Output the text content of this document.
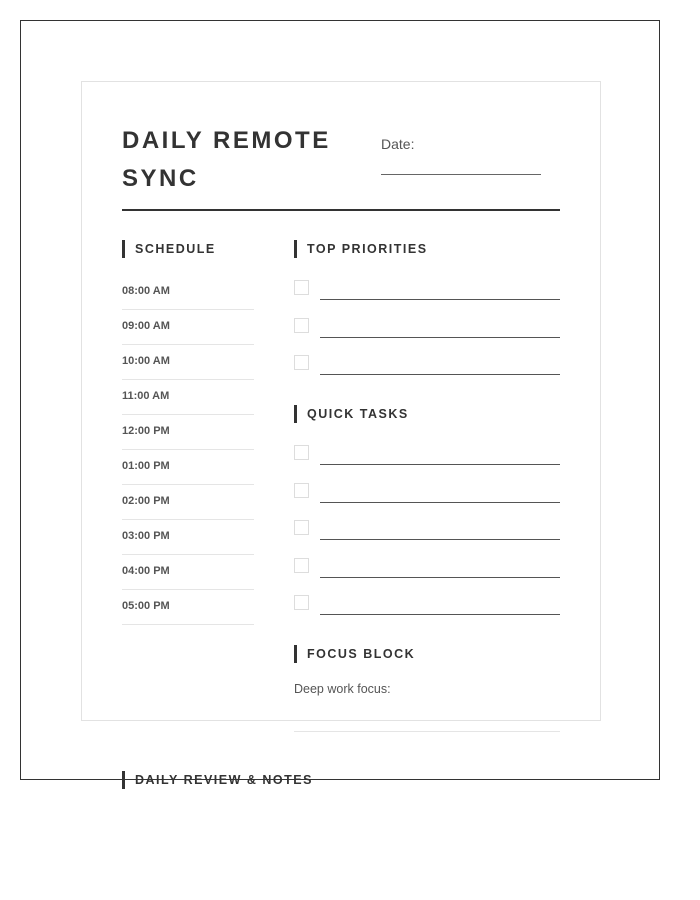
DAILY REMOTE SYNC
Date:
SCHEDULE
08:00 AM
09:00 AM
10:00 AM
11:00 AM
12:00 PM
01:00 PM
02:00 PM
03:00 PM
04:00 PM
05:00 PM
TOP PRIORITIES
QUICK TASKS
FOCUS BLOCK
Deep work focus:
DAILY REVIEW & NOTES
